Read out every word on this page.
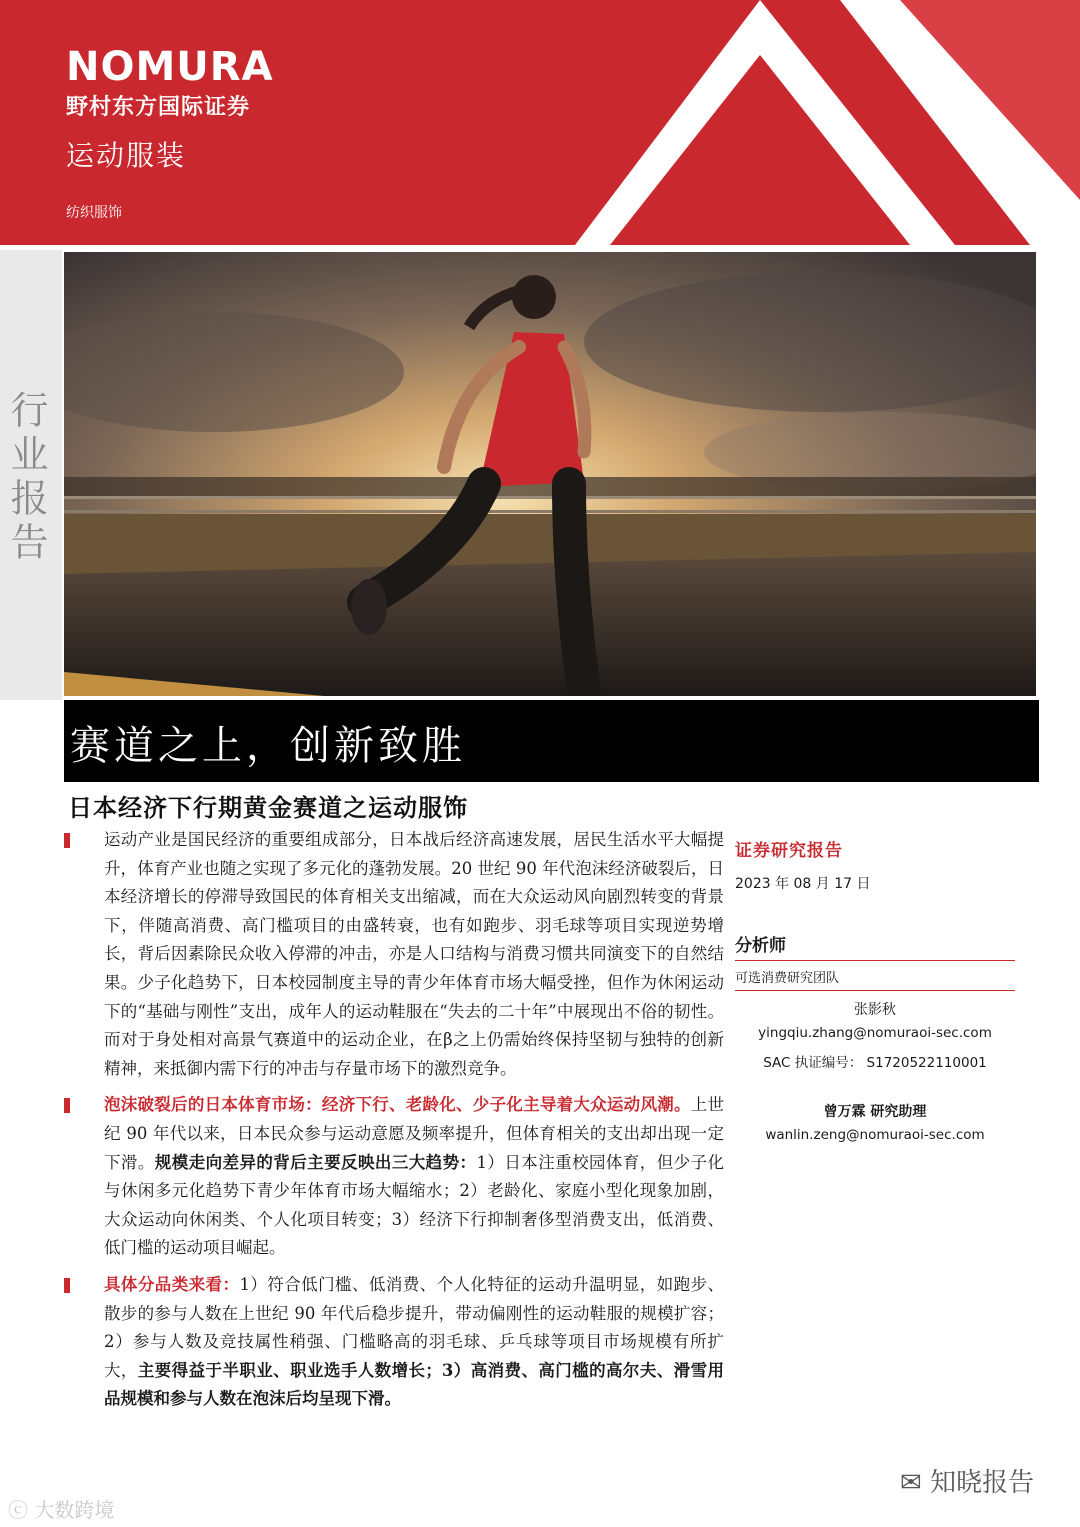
NOMURA
野村东方国际证券
运动服装
纺织服饰
行业报告
赛道之上，创新致胜
日本经济下行期黄金赛道之运动服饰

运动产业是国民经济的重要组成部分，日本战后经济高速发展，居民生活水平大幅提升，体育产业也随之实现了多元化的蓬勃发展。20 世纪 90 年代泡沫经济破裂后，日本经济增长的停滞导致国民的体育相关支出缩减，而在大众运动风向剧烈转变的背景下，伴随高消费、高门槛项目的由盛转衰，也有如跑步、羽毛球等项目实现逆势增长，背后因素除民众收入停滞的冲击，亦是人口结构与消费习惯共同演变下的自然结果。少子化趋势下，日本校园制度主导的青少年体育市场大幅受挫，但作为休闲运动下的“基础与刚性”支出，成年人的运动鞋服在“失去的二十年”中展现出不俗的韧性。而对于身处相对高景气赛道中的运动企业，在β之上仍需始终保持坚韧与独特的创新精神，来抵御内需下行的冲击与存量市场下的激烈竞争。

泡沫破裂后的日本体育市场：经济下行、老龄化、少子化主导着大众运动风潮。上世纪 90 年代以来，日本民众参与运动意愿及频率提升，但体育相关的支出却出现一定下滑。规模走向差异的背后主要反映出三大趋势：1）日本注重校园体育，但少子化与休闲多元化趋势下青少年体育市场大幅缩水；2）老龄化、家庭小型化现象加剧，大众运动向休闲类、个人化项目转变；3）经济下行抑制奢侈型消费支出，低消费、低门槛的运动项目崛起。

具体分品类来看：1）符合低门槛、低消费、个人化特征的运动升温明显，如跑步、散步的参与人数在上世纪 90 年代后稳步提升，带动偏刚性的运动鞋服的规模扩容；2）参与人数及竞技属性稍强、门槛略高的羽毛球、乒乓球等项目市场规模有所扩大，主要得益于半职业、职业选手人数增长；3）高消费、高门槛的高尔夫、滑雪用品规模和参与人数在泡沫后均呈现下滑。

证券研究报告
2023 年 08 月 17 日
分析师
可选消费研究团队
张影秋
yingqiu.zhang@nomuraoi-sec.com
SAC 执证编号： S1720522110001
曾万霖 研究助理
wanlin.zeng@nomuraoi-sec.com
ⓒ 大数跨境
✉ 知晓报告
